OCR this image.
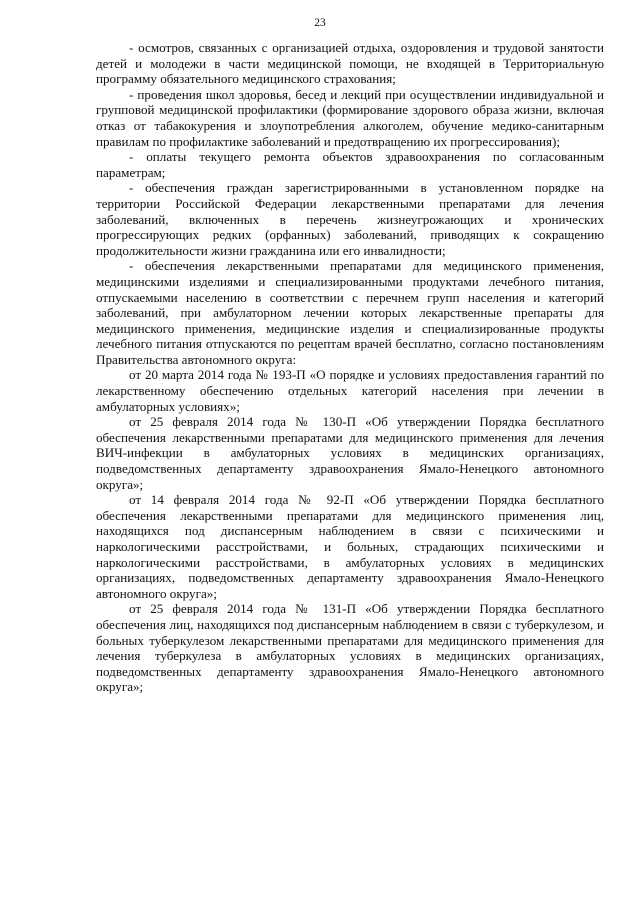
23

- осмотров, связанных с организацией отдыха, оздоровления и трудовой занятости детей и молодежи в части медицинской помощи, не входящей в Территориальную программу обязательного медицинского страхования;

- проведения школ здоровья, бесед и лекций при осуществлении индивидуальной и групповой медицинской профилактики (формирование здорового образа жизни, включая отказ от табакокурения и злоупотребления алкоголем, обучение медико-санитарным правилам по профилактике заболеваний и предотвращению их прогрессирования);

- оплаты текущего ремонта объектов здравоохранения по согласованным параметрам;

- обеспечения граждан зарегистрированными в установленном порядке на территории Российской Федерации лекарственными препаратами для лечения заболеваний, включенных в перечень жизнеугрожающих и хронических прогрессирующих редких (орфанных) заболеваний, приводящих к сокращению продолжительности жизни гражданина или его инвалидности;

- обеспечения лекарственными препаратами для медицинского применения, медицинскими изделиями и специализированными продуктами лечебного питания, отпускаемыми населению в соответствии с перечнем групп населения и категорий заболеваний, при амбулаторном лечении которых лекарственные препараты для медицинского применения, медицинские изделия и специализированные продукты лечебного питания отпускаются по рецептам врачей бесплатно, согласно постановлениям Правительства автономного округа:

от 20 марта 2014 года № 193-П «О порядке и условиях предоставления гарантий по лекарственному обеспечению отдельных категорий населения при лечении в амбулаторных условиях»;

от 25 февраля 2014 года № 130-П «Об утверждении Порядка бесплатного обеспечения лекарственными препаратами для медицинского применения для лечения ВИЧ-инфекции в амбулаторных условиях в медицинских организациях, подведомственных департаменту здравоохранения Ямало-Ненецкого автономного округа»;

от 14 февраля 2014 года № 92-П «Об утверждении Порядка бесплатного обеспечения лекарственными препаратами для медицинского применения лиц, находящихся под диспансерным наблюдением в связи с психическими и наркологическими расстройствами, и больных, страдающих психическими и наркологическими расстройствами, в амбулаторных условиях в медицинских организациях, подведомственных департаменту здравоохранения Ямало-Ненецкого автономного округа»;

от 25 февраля 2014 года № 131-П «Об утверждении Порядка бесплатного обеспечения лиц, находящихся под диспансерным наблюдением в связи с туберкулезом, и больных туберкулезом лекарственными препаратами для медицинского применения для лечения туберкулеза в амбулаторных условиях в медицинских организациях, подведомственных департаменту здравоохранения Ямало-Ненецкого автономного округа»;
